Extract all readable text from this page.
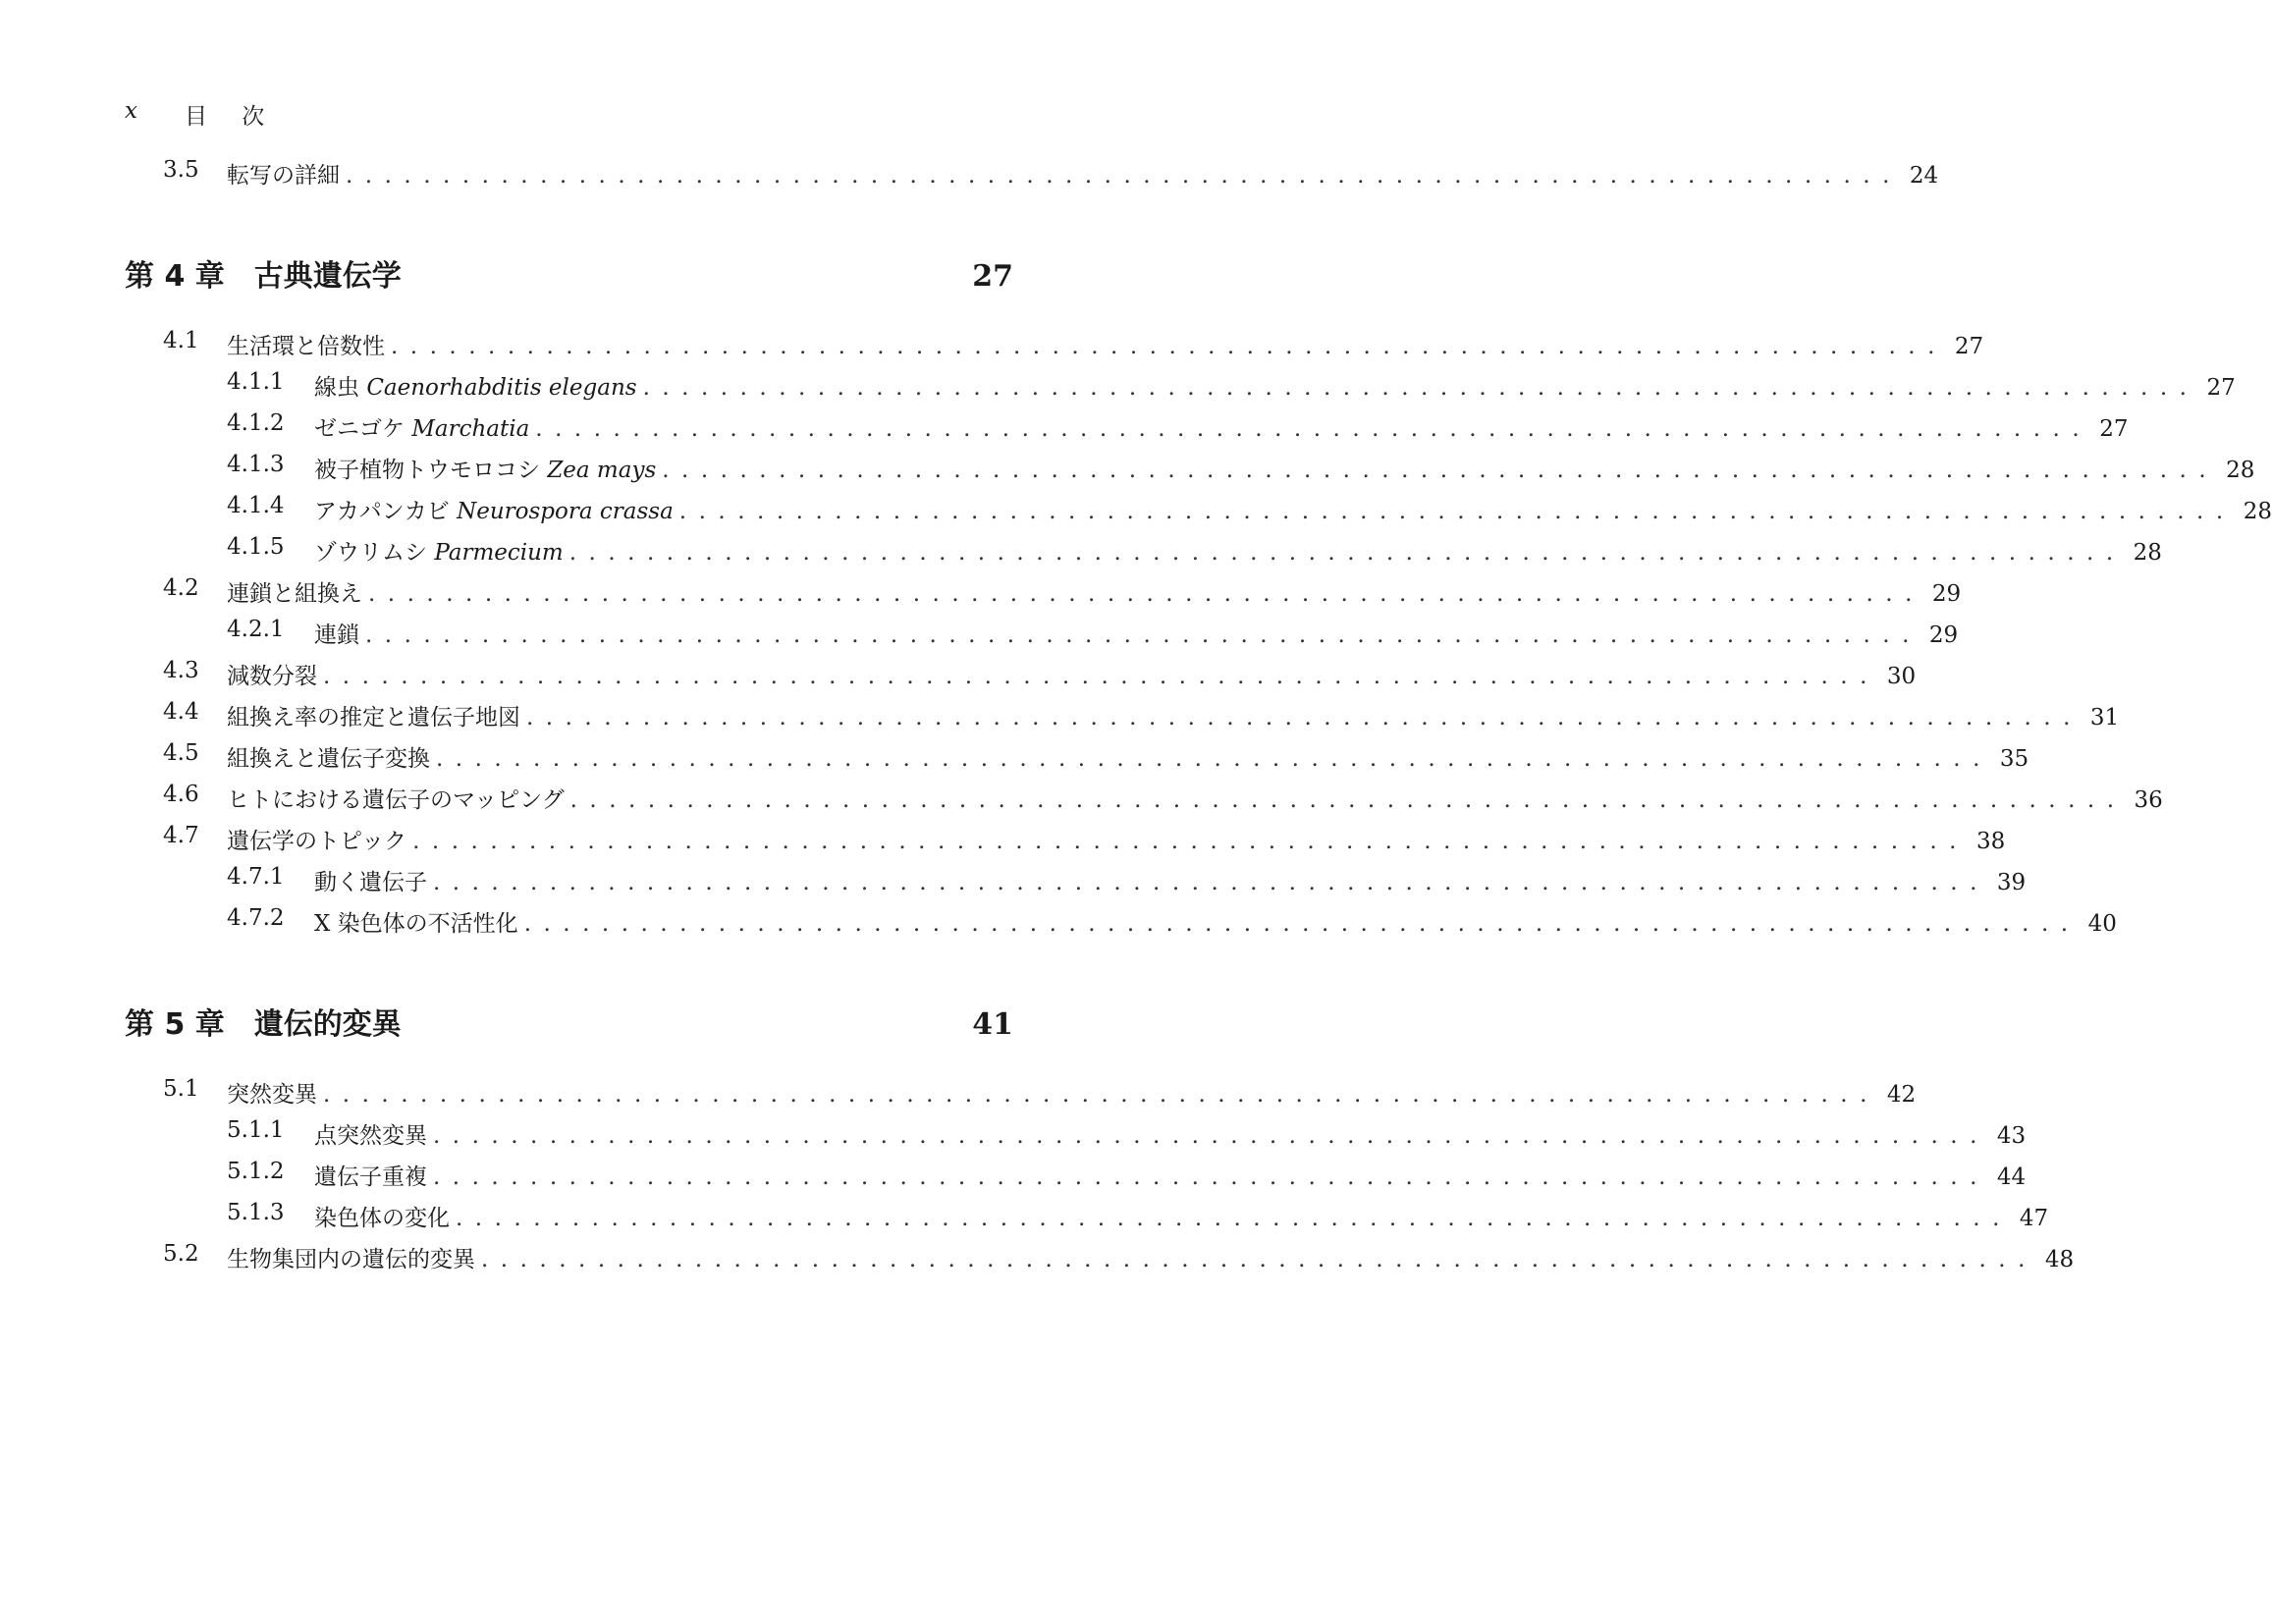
x 目 次
3.5 転写の詳細 ................................................................................ 24
第 4 章 古典遺伝学	27
4.1 生活環と倍数性 ................................................................................ 27
4.1.1 線虫 Caenorhabditis elegans ................................................................................ 27
4.1.2 ゼニゴケ Marchatia ................................................................................ 27
4.1.3 被子植物トウモロコシ Zea mays ................................................................................ 28
4.1.4 アカパンカビ Neurospora crassa ................................................................................ 28
4.1.5 ゾウリムシ Parmecium ................................................................................ 28
4.2 連鎖と組換え ................................................................................ 29
4.2.1 連鎖 ................................................................................ 29
4.3 減数分裂 ................................................................................ 30
4.4 組換え率の推定と遺伝子地図 ................................................................................ 31
4.5 組換えと遺伝子変換 ................................................................................ 35
4.6 ヒトにおける遺伝子のマッピング ................................................................................ 36
4.7 遺伝学のトピック ................................................................................ 38
4.7.1 動く遺伝子 ................................................................................ 39
4.7.2 X 染色体の不活性化 ................................................................................ 40
第 5 章 遺伝的変異	41
5.1 突然変異 ................................................................................ 42
5.1.1 点突然変異 ................................................................................ 43
5.1.2 遺伝子重複 ................................................................................ 44
5.1.3 染色体の変化 ................................................................................ 47
5.2 生物集団内の遺伝的変異 ................................................................................ 48
